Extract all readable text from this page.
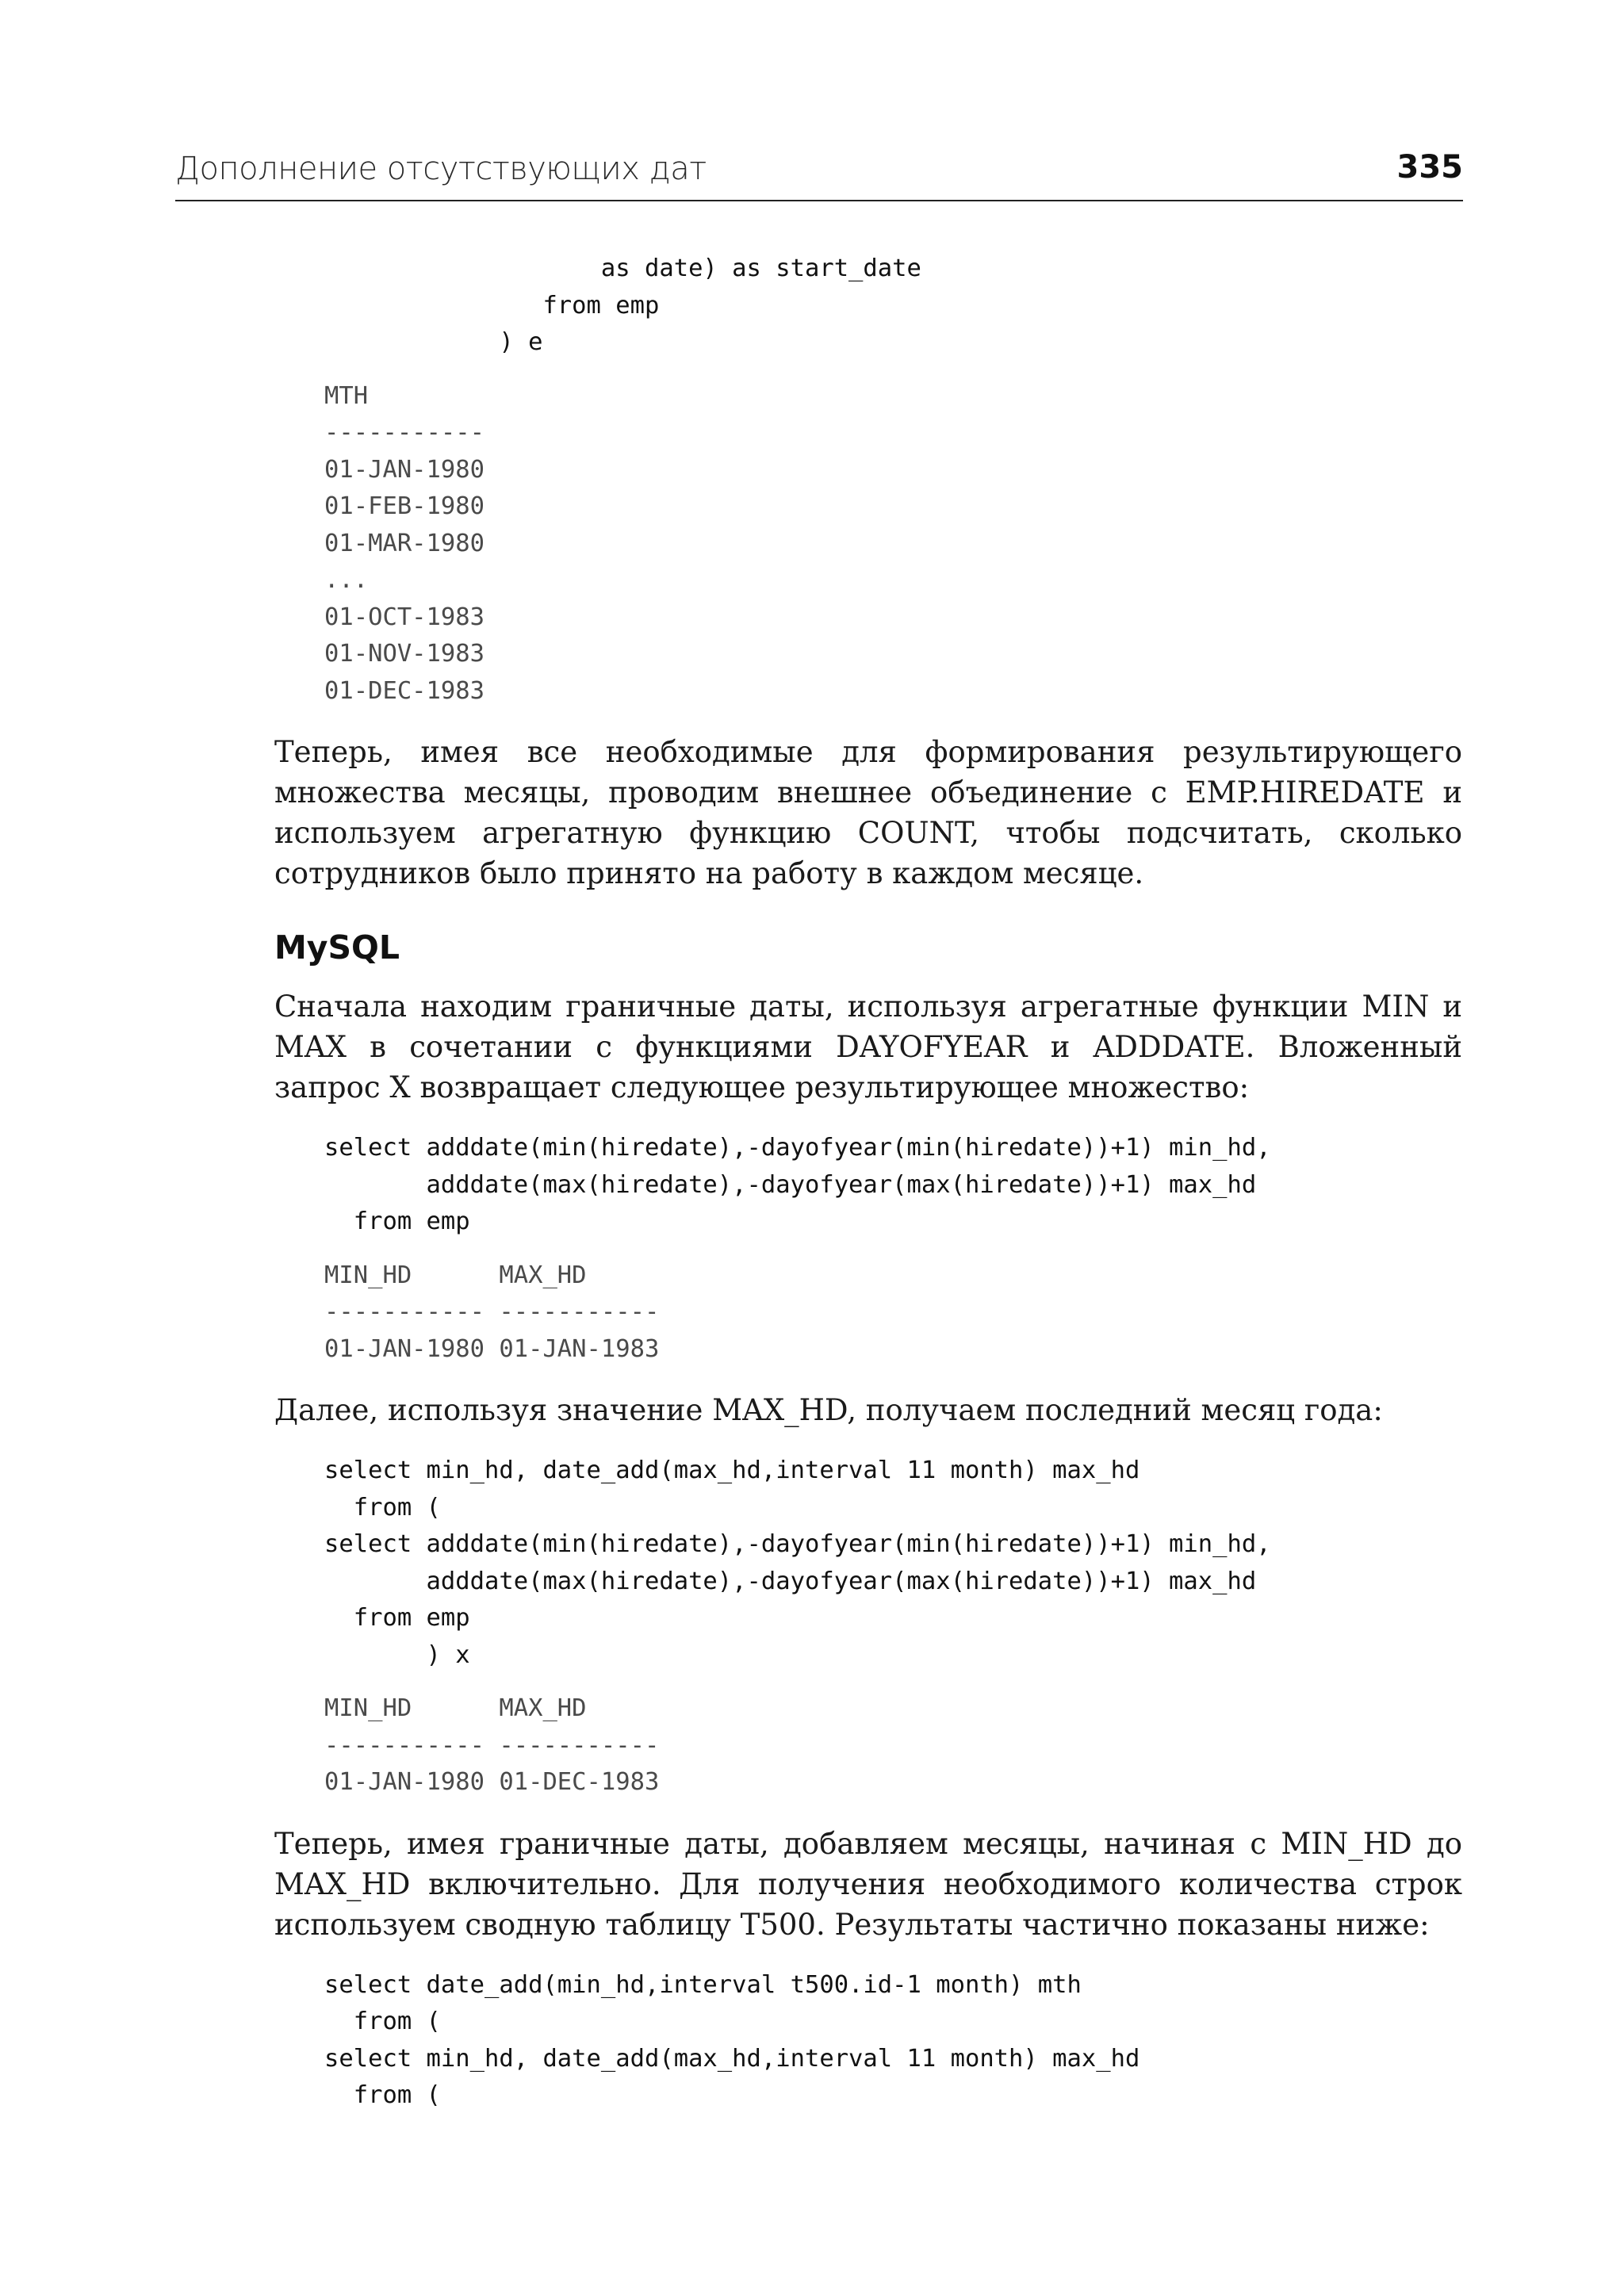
Дополнение отсутствующих дат	335
as date) as start_date
from emp
) e
MTH
-----------
01-JAN-1980
01-FEB-1980
01-MAR-1980
...
01-OCT-1983
01-NOV-1983
01-DEC-1983

Теперь, имея все необходимые для формирования результирующего множества месяцы, проводим внешнее объединение с EMP.HIREDATE и используем агрегатную функцию COUNT, чтобы подсчитать, сколько сотрудников было принято на работу в каждом месяце.

MySQL

Сначала находим граничные даты, используя агрегатные функции MIN и MAX в сочетании с функциями DAYOFYEAR и ADDDATE. Вложенный запрос X возвращает следующее результирующее множество:

select adddate(min(hiredate),-dayofyear(min(hiredate))+1) min_hd,
adddate(max(hiredate),-dayofyear(max(hiredate))+1) max_hd
from emp
MIN_HD      MAX_HD
----------- -----------
01-JAN-1980 01-JAN-1983

Далее, используя значение MAX_HD, получаем последний месяц года:

select min_hd, date_add(max_hd,interval 11 month) max_hd
from (
select adddate(min(hiredate),-dayofyear(min(hiredate))+1) min_hd,
adddate(max(hiredate),-dayofyear(max(hiredate))+1) max_hd
from emp
) x
MIN_HD      MAX_HD
----------- -----------
01-JAN-1980 01-DEC-1983

Теперь, имея граничные даты, добавляем месяцы, начиная с MIN_HD до MAX_HD включительно. Для получения необходимого количества строк используем сводную таблицу T500. Результаты частично показаны ниже:

select date_add(min_hd,interval t500.id-1 month) mth
from (
select min_hd, date_add(max_hd,interval 11 month) max_hd
from (
